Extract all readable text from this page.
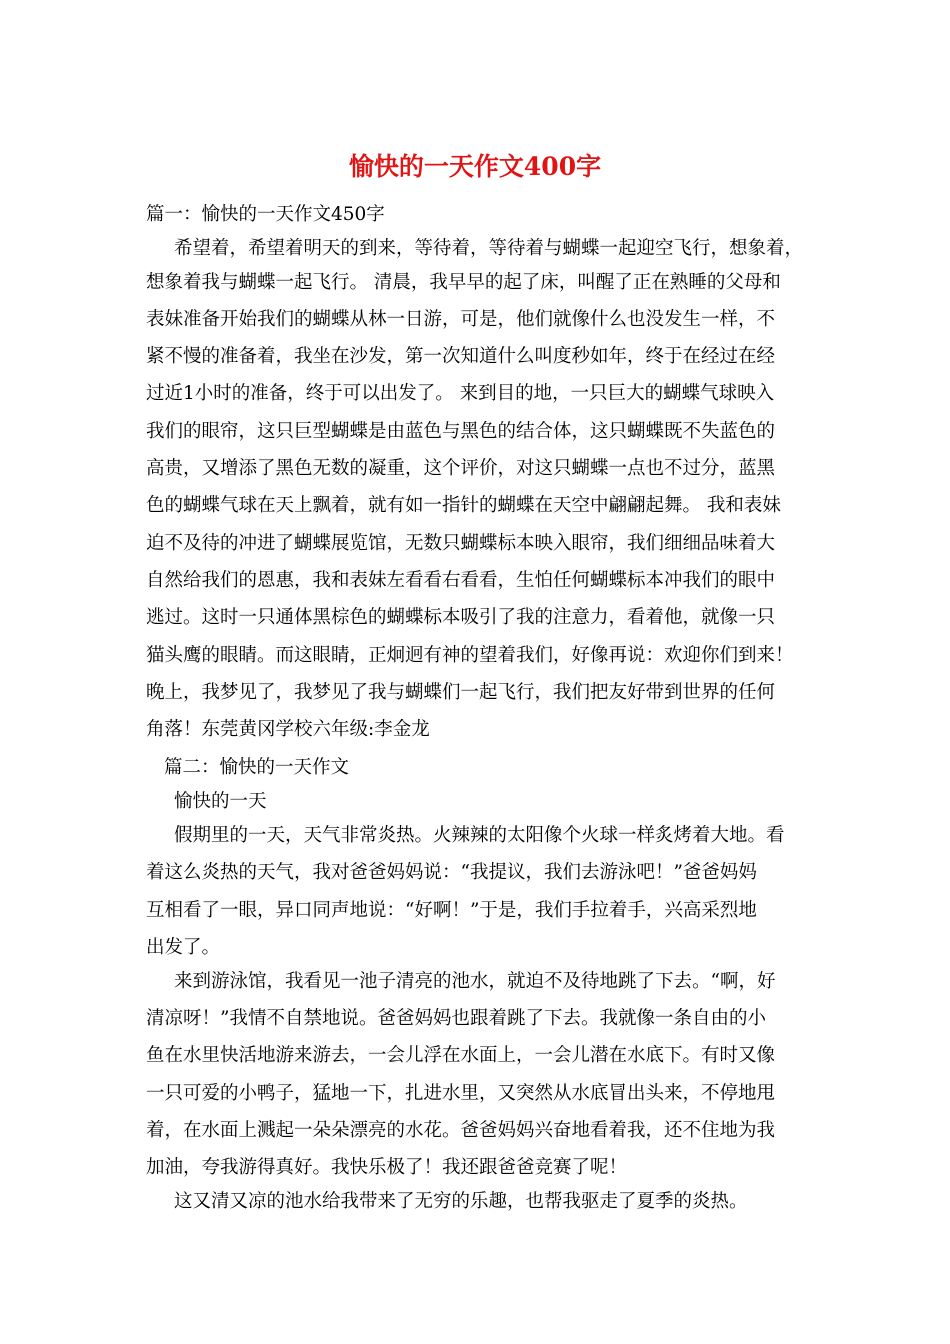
愉快的一天作文400字
篇一：愉快的一天作文450字
希望着，希望着明天的到来，等待着，等待着与蝴蝶一起迎空飞行，想象着，
想象着我与蝴蝶一起飞行。 清晨，我早早的起了床，叫醒了正在熟睡的父母和
表妹准备开始我们的蝴蝶从林一日游，可是，他们就像什么也没发生一样，不
紧不慢的准备着，我坐在沙发，第一次知道什么叫度秒如年，终于在经过在经
过近1小时的准备，终于可以出发了。 来到目的地，一只巨大的蝴蝶气球映入
我们的眼帘，这只巨型蝴蝶是由蓝色与黑色的结合体，这只蝴蝶既不失蓝色的
高贵，又增添了黑色无数的凝重，这个评价，对这只蝴蝶一点也不过分，蓝黑
色的蝴蝶气球在天上飘着，就有如一指针的蝴蝶在天空中翩翩起舞。 我和表妹
迫不及待的冲进了蝴蝶展览馆，无数只蝴蝶标本映入眼帘，我们细细品味着大
自然给我们的恩惠，我和表妹左看看右看看，生怕任何蝴蝶标本冲我们的眼中
逃过。这时一只通体黑棕色的蝴蝶标本吸引了我的注意力，看着他，就像一只
猫头鹰的眼睛。而这眼睛，正炯迥有神的望着我们，好像再说：欢迎你们到来！
晚上，我梦见了，我梦见了我与蝴蝶们一起飞行，我们把友好带到世界的任何
角落！东莞黄冈学校六年级:李金龙
篇二：愉快的一天作文
愉快的一天
假期里的一天，天气非常炎热。火辣辣的太阳像个火球一样炙烤着大地。看
着这么炎热的天气，我对爸爸妈妈说：“我提议，我们去游泳吧！”爸爸妈妈
互相看了一眼，异口同声地说：“好啊！”于是，我们手拉着手，兴高采烈地
出发了。
来到游泳馆，我看见一池子清亮的池水，就迫不及待地跳了下去。“啊，好
清凉呀！”我情不自禁地说。爸爸妈妈也跟着跳了下去。我就像一条自由的小
鱼在水里快活地游来游去，一会儿浮在水面上，一会儿潜在水底下。有时又像
一只可爱的小鸭子，猛地一下，扎进水里，又突然从水底冒出头来，不停地甩
着，在水面上溅起一朵朵漂亮的水花。爸爸妈妈兴奋地看着我，还不住地为我
加油，夸我游得真好。我快乐极了！我还跟爸爸竞赛了呢！
这又清又凉的池水给我带来了无穷的乐趣，也帮我驱走了夏季的炎热。
